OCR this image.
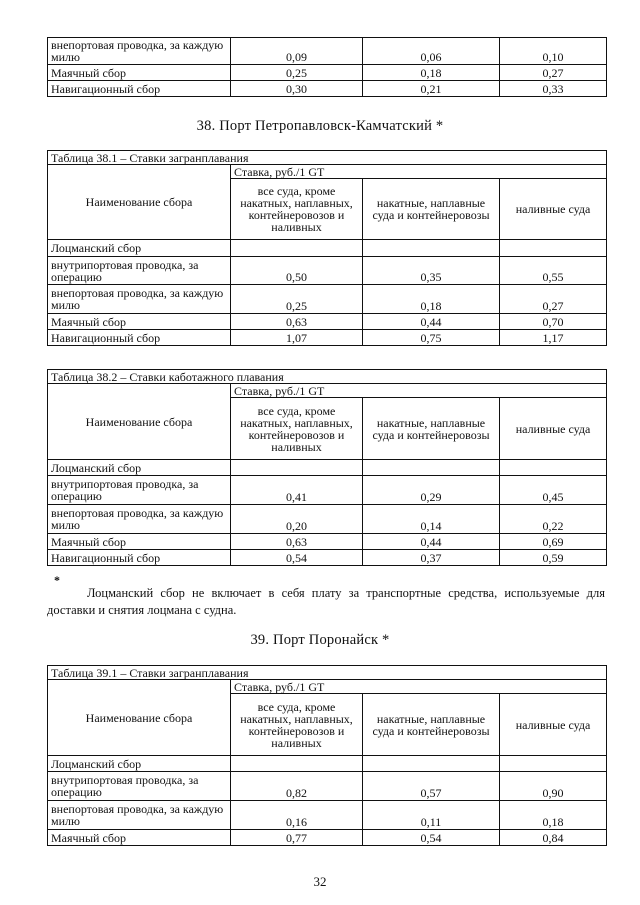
внепортовая проводка, за каждую милю	0,09	0,06	0,10
Маячный сбор	0,25	0,18	0,27
Навигационный сбор	0,30	0,21	0,33
38. Порт Петропавловск-Камчатский *
Таблица 38.1 – Ставки загранплавания			
Наименование сбора	Ставка, руб./1 GT		
	все суда, кроме накатных, наплавных, контейнеровозов и наливных	накатные, наплавные суда и контейнеровозы	наливные суда
Лоцманский сбор			
внутрипортовая проводка, за операцию	0,50	0,35	0,55
внепортовая проводка, за каждую милю	0,25	0,18	0,27
Маячный сбор	0,63	0,44	0,70
Навигационный сбор	1,07	0,75	1,17
Таблица 38.2 – Ставки каботажного плавания			
Наименование сбора	Ставка, руб./1 GT		
	все суда, кроме накатных, наплавных, контейнеровозов и наливных	накатные, наплавные суда и контейнеровозы	наливные суда
Лоцманский сбор			
внутрипортовая проводка, за операцию	0,41	0,29	0,45
внепортовая проводка, за каждую милю	0,20	0,14	0,22
Маячный сбор	0,63	0,44	0,69
Навигационный сбор	0,54	0,37	0,59
*
Лоцманский сбор не включает в себя плату за транспортные средства, используемые для доставки и снятия лоцмана с судна.
39. Порт Поронайск *
Таблица 39.1 – Ставки загранплавания			
Наименование сбора	Ставка, руб./1 GT		
	все суда, кроме накатных, наплавных, контейнеровозов и наливных	накатные, наплавные суда и контейнеровозы	наливные суда
Лоцманский сбор			
внутрипортовая проводка, за операцию	0,82	0,57	0,90
внепортовая проводка, за каждую милю	0,16	0,11	0,18
Маячный сбор	0,77	0,54	0,84
32
